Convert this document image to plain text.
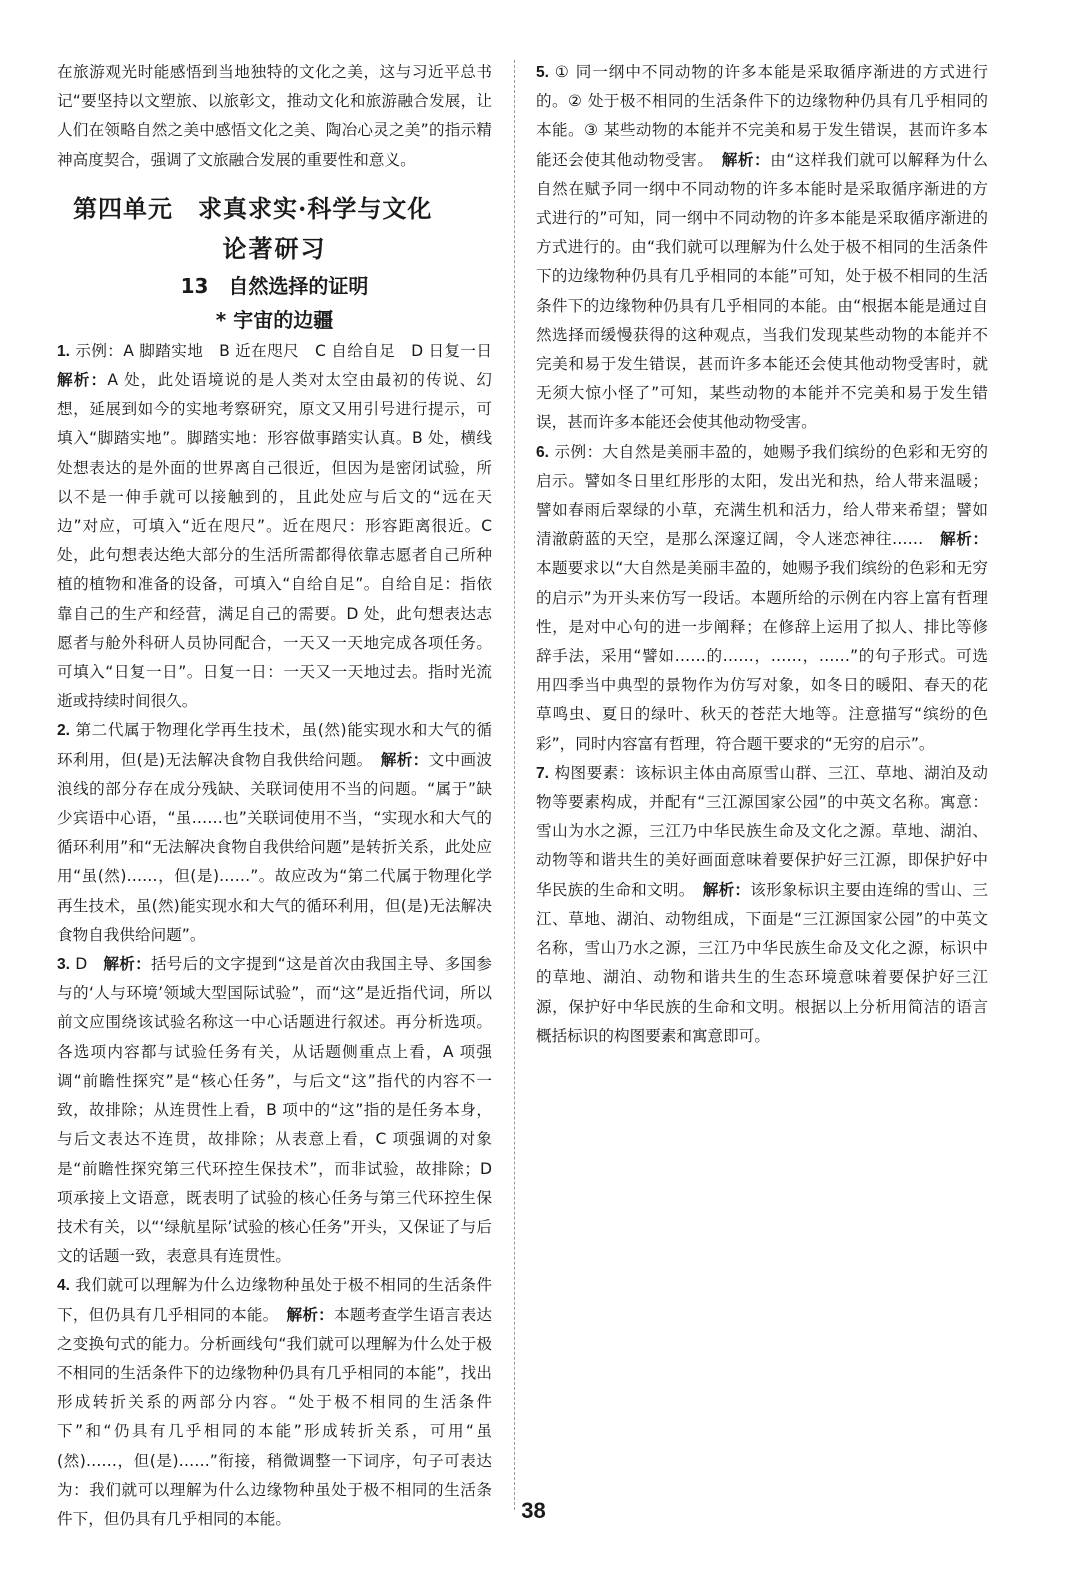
在旅游观光时能感悟到当地独特的文化之美，这与习近平总书记“要坚持以文塑旅、以旅彰文，推动文化和旅游融合发展，让人们在领略自然之美中感悟文化之美、陶冶心灵之美”的指示精神高度契合，强调了文旅融合发展的重要性和意义。

第四单元　求真求实·科学与文化

论著研习

13　自然选择的证明

* 宇宙的边疆

1. 示例：A 脚踏实地　B 近在咫尺　C 自给自足　D 日复一日　解析：A 处，此处语境说的是人类对太空由最初的传说、幻想，延展到如今的实地考察研究，原文又用引号进行提示，可填入“脚踏实地”。脚踏实地：形容做事踏实认真。B 处，横线处想表达的是外面的世界离自己很近，但因为是密闭试验，所以不是一伸手就可以接触到的，且此处应与后文的“远在天边”对应，可填入“近在咫尺”。近在咫尺：形容距离很近。C 处，此句想表达绝大部分的生活所需都得依靠志愿者自己所种植的植物和准备的设备，可填入“自给自足”。自给自足：指依靠自己的生产和经营，满足自己的需要。D 处，此句想表达志愿者与舱外科研人员协同配合，一天又一天地完成各项任务。可填入“日复一日”。日复一日：一天又一天地过去。指时光流逝或持续时间很久。

2. 第二代属于物理化学再生技术，虽(然)能实现水和大气的循环利用，但(是)无法解决食物自我供给问题。　解析：文中画波浪线的部分存在成分残缺、关联词使用不当的问题。“属于”缺少宾语中心语，“虽……也”关联词使用不当，“实现水和大气的循环利用”和“无法解决食物自我供给问题”是转折关系，此处应用“虽(然)……，但(是)……”。故应改为“第二代属于物理化学再生技术，虽(然)能实现水和大气的循环利用，但(是)无法解决食物自我供给问题”。

3. D　解析：括号后的文字提到“这是首次由我国主导、多国参与的‘人与环境’领域大型国际试验”，而“这”是近指代词，所以前文应围绕该试验名称这一中心话题进行叙述。再分析选项。各选项内容都与试验任务有关，从话题侧重点上看，A 项强调“前瞻性探究”是“核心任务”，与后文“这”指代的内容不一致，故排除；从连贯性上看，B 项中的“这”指的是任务本身，与后文表达不连贯，故排除；从表意上看，C 项强调的对象是“前瞻性探究第三代环控生保技术”，而非试验，故排除；D 项承接上文语意，既表明了试验的核心任务与第三代环控生保技术有关，以“‘绿航星际’试验的核心任务”开头，又保证了与后文的话题一致，表意具有连贯性。

4. 我们就可以理解为什么边缘物种虽处于极不相同的生活条件下，但仍具有几乎相同的本能。　解析：本题考查学生语言表达之变换句式的能力。分析画线句“我们就可以理解为什么处于极不相同的生活条件下的边缘物种仍具有几乎相同的本能”，找出形成转折关系的两部分内容。“处于极不相同的生活条件下”和“仍具有几乎相同的本能”形成转折关系，可用“虽(然)……，但(是)……”衔接，稍微调整一下词序，句子可表达为：我们就可以理解为什么边缘物种虽处于极不相同的生活条件下，但仍具有几乎相同的本能。

5. ① 同一纲中不同动物的许多本能是采取循序渐进的方式进行的。② 处于极不相同的生活条件下的边缘物种仍具有几乎相同的本能。③ 某些动物的本能并不完美和易于发生错误，甚而许多本能还会使其他动物受害。　解析：由“这样我们就可以解释为什么自然在赋予同一纲中不同动物的许多本能时是采取循序渐进的方式进行的”可知，同一纲中不同动物的许多本能是采取循序渐进的方式进行的。由“我们就可以理解为什么处于极不相同的生活条件下的边缘物种仍具有几乎相同的本能”可知，处于极不相同的生活条件下的边缘物种仍具有几乎相同的本能。由“根据本能是通过自然选择而缓慢获得的这种观点，当我们发现某些动物的本能并不完美和易于发生错误，甚而许多本能还会使其他动物受害时，就无须大惊小怪了”可知，某些动物的本能并不完美和易于发生错误，甚而许多本能还会使其他动物受害。

6. 示例：大自然是美丽丰盈的，她赐予我们缤纷的色彩和无穷的启示。譬如冬日里红彤彤的太阳，发出光和热，给人带来温暖；譬如春雨后翠绿的小草，充满生机和活力，给人带来希望；譬如清澈蔚蓝的天空，是那么深邃辽阔，令人迷恋神往……　解析：本题要求以“大自然是美丽丰盈的，她赐予我们缤纷的色彩和无穷的启示”为开头来仿写一段话。本题所给的示例在内容上富有哲理性，是对中心句的进一步阐释；在修辞上运用了拟人、排比等修辞手法，采用“譬如……的……，……，……”的句子形式。可选用四季当中典型的景物作为仿写对象，如冬日的暖阳、春天的花草鸣虫、夏日的绿叶、秋天的苍茫大地等。注意描写“缤纷的色彩”，同时内容富有哲理，符合题干要求的“无穷的启示”。

7. 构图要素：该标识主体由高原雪山群、三江、草地、湖泊及动物等要素构成，并配有“三江源国家公园”的中英文名称。寓意：雪山为水之源，三江乃中华民族生命及文化之源。草地、湖泊、动物等和谐共生的美好画面意味着要保护好三江源，即保护好中华民族的生命和文明。　解析：该形象标识主要由连绵的雪山、三江、草地、湖泊、动物组成，下面是“三江源国家公园”的中英文名称，雪山乃水之源，三江乃中华民族生命及文化之源，标识中的草地、湖泊、动物和谐共生的生态环境意味着要保护好三江源，保护好中华民族的生命和文明。根据以上分析用简洁的语言概括标识的构图要素和寓意即可。

38
